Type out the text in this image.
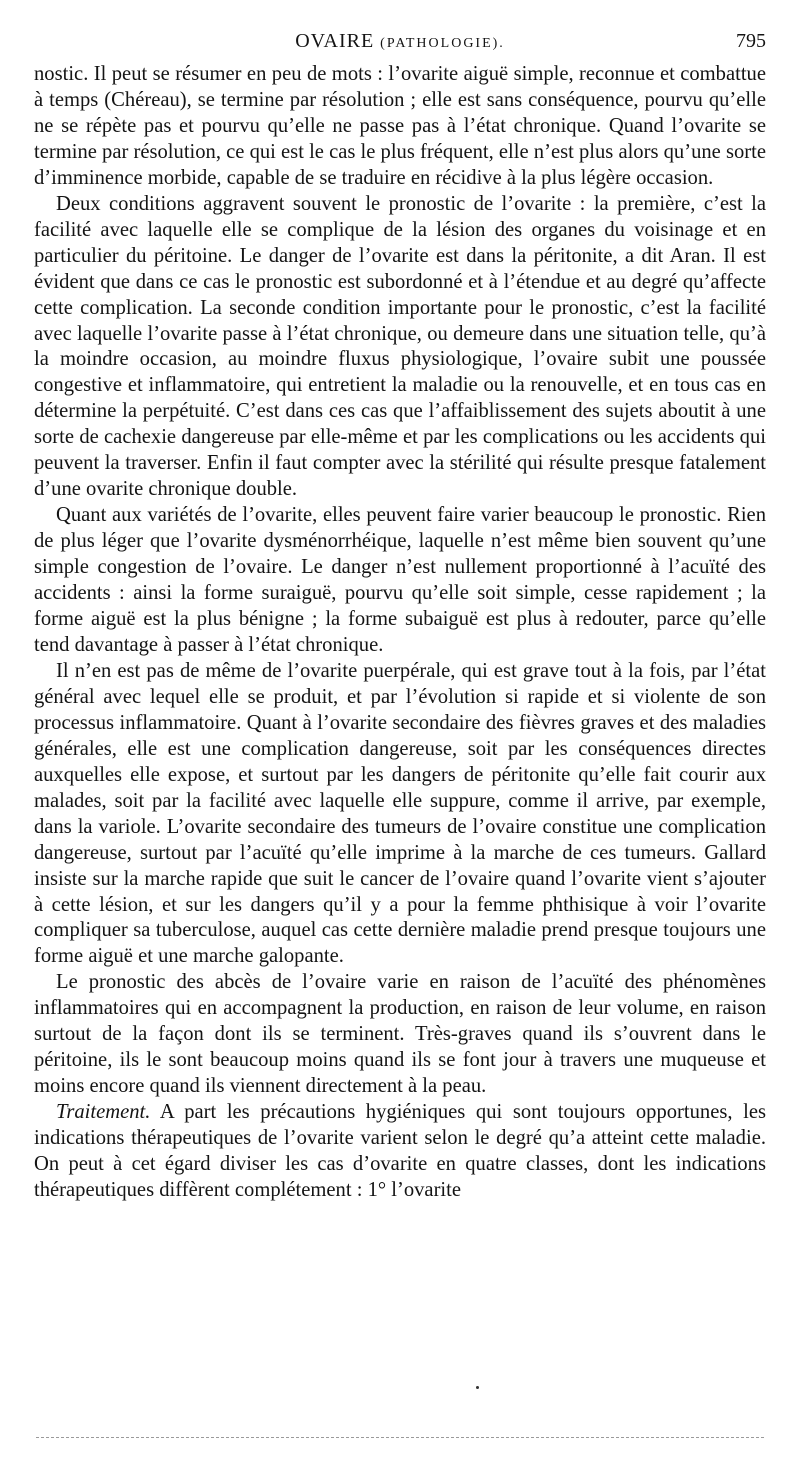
OVAIRE (PATHOLOGIE).	795

nostic. Il peut se résumer en peu de mots : l’ovarite aiguë simple, reconnue et combattue à temps (Chéreau), se termine par résolution ; elle est sans conséquence, pourvu qu’elle ne se répète pas et pourvu qu’elle ne passe pas à l’état chronique. Quand l’ovarite se termine par résolution, ce qui est le cas le plus fréquent, elle n’est plus alors qu’une sorte d’imminence morbide, capable de se traduire en récidive à la plus légère occasion.

Deux conditions aggravent souvent le pronostic de l’ovarite : la première, c’est la facilité avec laquelle elle se complique de la lésion des organes du voisinage et en particulier du péritoine. Le danger de l’ovarite est dans la péritonite, a dit Aran. Il est évident que dans ce cas le pronostic est subordonné et à l’étendue et au degré qu’affecte cette complication. La seconde condition importante pour le pronostic, c’est la facilité avec laquelle l’ovarite passe à l’état chronique, ou demeure dans une situation telle, qu’à la moindre occasion, au moindre fluxus physiologique, l’ovaire subit une poussée congestive et inflammatoire, qui entretient la maladie ou la renouvelle, et en tous cas en détermine la perpétuité. C’est dans ces cas que l’affaiblissement des sujets aboutit à une sorte de cachexie dangereuse par elle-même et par les complications ou les accidents qui peuvent la traverser. Enfin il faut compter avec la stérilité qui résulte presque fatalement d’une ovarite chronique double.

Quant aux variétés de l’ovarite, elles peuvent faire varier beaucoup le pronostic. Rien de plus léger que l’ovarite dysménorrhéique, laquelle n’est même bien souvent qu’une simple congestion de l’ovaire. Le danger n’est nullement proportionné à l’acuïté des accidents : ainsi la forme suraiguë, pourvu qu’elle soit simple, cesse rapidement ; la forme aiguë est la plus bénigne ; la forme subaiguë est plus à redouter, parce qu’elle tend davantage à passer à l’état chronique.

Il n’en est pas de même de l’ovarite puerpérale, qui est grave tout à la fois, par l’état général avec lequel elle se produit, et par l’évolution si rapide et si violente de son processus inflammatoire. Quant à l’ovarite secondaire des fièvres graves et des maladies générales, elle est une complication dangereuse, soit par les conséquences directes auxquelles elle expose, et surtout par les dangers de péritonite qu’elle fait courir aux malades, soit par la facilité avec laquelle elle suppure, comme il arrive, par exemple, dans la variole. L’ovarite secondaire des tumeurs de l’ovaire constitue une complication dangereuse, surtout par l’acuïté qu’elle imprime à la marche de ces tumeurs. Gallard insiste sur la marche rapide que suit le cancer de l’ovaire quand l’ovarite vient s’ajouter à cette lésion, et sur les dangers qu’il y a pour la femme phthisique à voir l’ovarite compliquer sa tuberculose, auquel cas cette dernière maladie prend presque toujours une forme aiguë et une marche galopante.

Le pronostic des abcès de l’ovaire varie en raison de l’acuïté des phénomènes inflammatoires qui en accompagnent la production, en raison de leur volume, en raison surtout de la façon dont ils se terminent. Très-graves quand ils s’ouvrent dans le péritoine, ils le sont beaucoup moins quand ils se font jour à travers une muqueuse et moins encore quand ils viennent directement à la peau.

Traitement. A part les précautions hygiéniques qui sont toujours opportunes, les indications thérapeutiques de l’ovarite varient selon le degré qu’a atteint cette maladie. On peut à cet égard diviser les cas d’ovarite en quatre classes, dont les indications thérapeutiques diffèrent complétement : 1° l’ovarite
